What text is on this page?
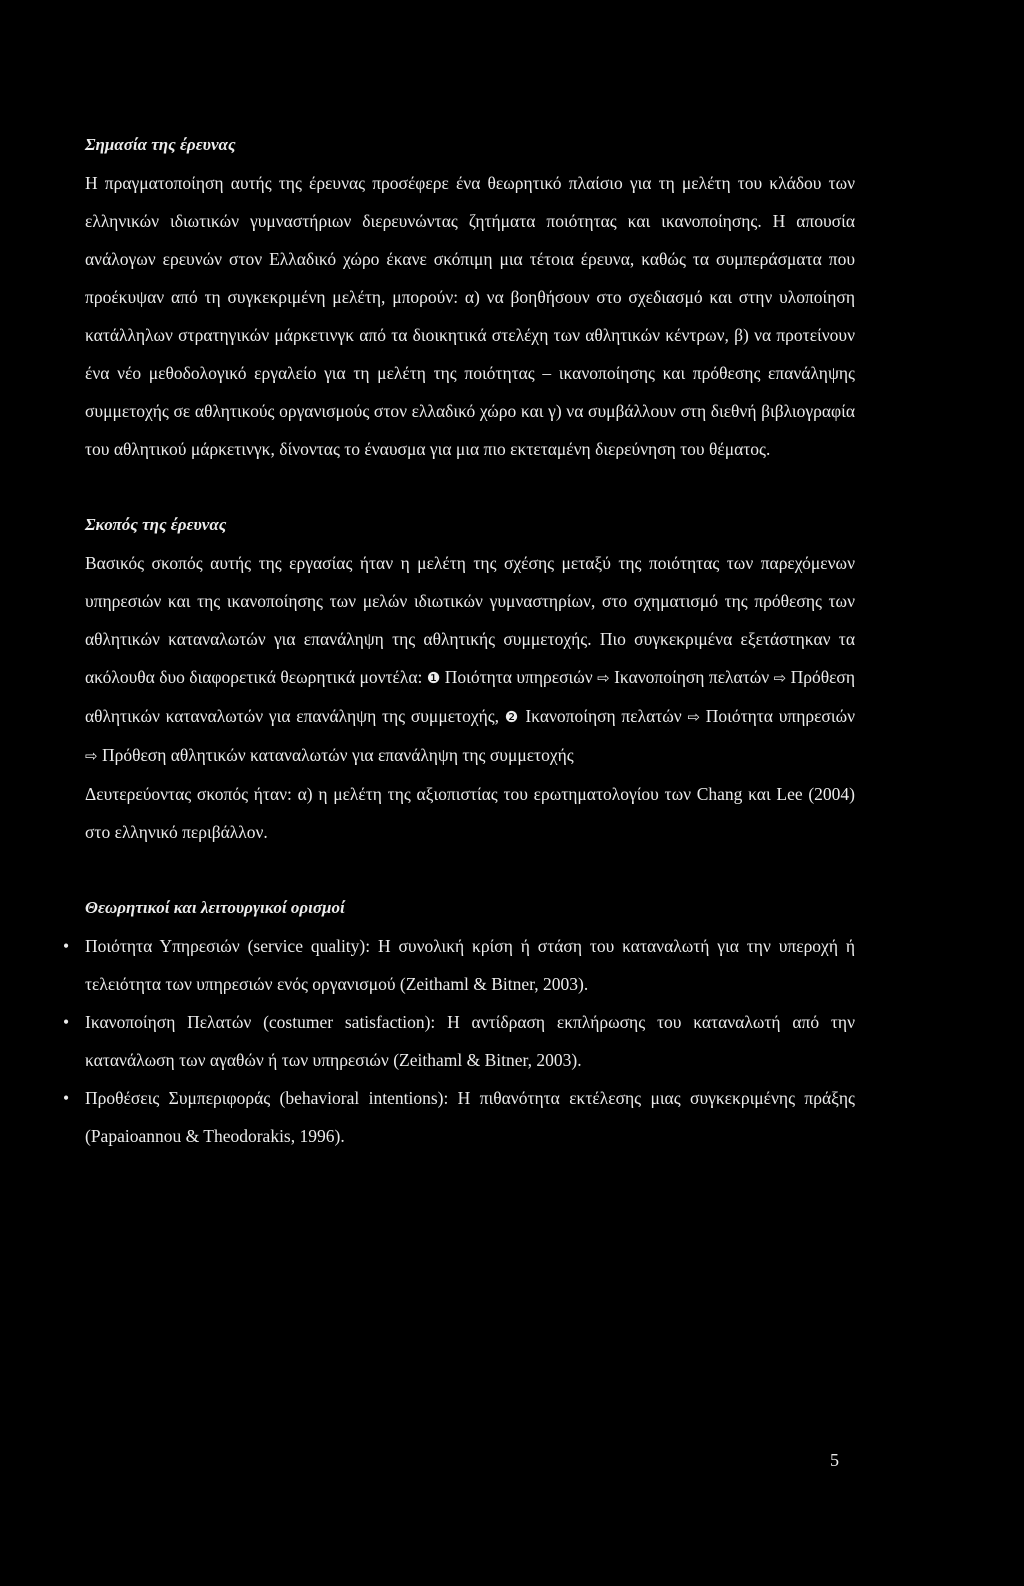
Σημασία της έρευνας

Η πραγματοποίηση αυτής της έρευνας προσέφερε ένα θεωρητικό πλαίσιο για τη μελέτη του κλάδου των ελληνικών ιδιωτικών γυμναστήριων διερευνώντας ζητήματα ποιότητας και ικανοποίησης. Η απουσία ανάλογων ερευνών στον Ελλαδικό χώρο έκανε σκόπιμη μια τέτοια έρευνα, καθώς τα συμπεράσματα που προέκυψαν από τη συγκεκριμένη μελέτη, μπορούν: α) να βοηθήσουν στο σχεδιασμό και στην υλοποίηση κατάλληλων στρατηγικών μάρκετινγκ από τα διοικητικά στελέχη των αθλητικών κέντρων, β) να προτείνουν ένα νέο μεθοδολογικό εργαλείο για τη μελέτη της ποιότητας – ικανοποίησης και πρόθεσης επανάληψης συμμετοχής σε αθλητικούς οργανισμούς στον ελλαδικό χώρο και γ) να συμβάλλουν στη διεθνή βιβλιογραφία του αθλητικού μάρκετινγκ, δίνοντας το έναυσμα για μια πιο εκτεταμένη διερεύνηση του θέματος.

Σκοπός της έρευνας

Βασικός σκοπός αυτής της εργασίας ήταν η μελέτη της σχέσης μεταξύ της ποιότητας των παρεχόμενων υπηρεσιών και της ικανοποίησης των μελών ιδιωτικών γυμναστηρίων, στο σχηματισμό της πρόθεσης των αθλητικών καταναλωτών για επανάληψη της αθλητικής συμμετοχής. Πιο συγκεκριμένα εξετάστηκαν τα ακόλουθα δυο διαφορετικά θεωρητικά μοντέλα: ❶ Ποιότητα υπηρεσιών ⇨ Ικανοποίηση πελατών ⇨ Πρόθεση αθλητικών καταναλωτών για επανάληψη της συμμετοχής, ❷ Ικανοποίηση πελατών ⇨ Ποιότητα υπηρεσιών ⇨ Πρόθεση αθλητικών καταναλωτών για επανάληψη της συμμετοχής

Δευτερεύοντας σκοπός ήταν: α) η μελέτη της αξιοπιστίας του ερωτηματολογίου των Chang και Lee (2004) στο ελληνικό περιβάλλον.

Θεωρητικοί και λειτουργικοί ορισμοί

• Ποιότητα Υπηρεσιών (service quality): Η συνολική κρίση ή στάση του καταναλωτή για την υπεροχή ή τελειότητα των υπηρεσιών ενός οργανισμού (Zeithaml & Bitner, 2003).
• Ικανοποίηση Πελατών (costumer satisfaction): Η αντίδραση εκπλήρωσης του καταναλωτή από την κατανάλωση των αγαθών ή των υπηρεσιών (Zeithaml & Bitner, 2003).
• Προθέσεις Συμπεριφοράς (behavioral intentions): Η πιθανότητα εκτέλεσης μιας συγκεκριμένης πράξης (Papaioannou & Theodorakis, 1996).
5
